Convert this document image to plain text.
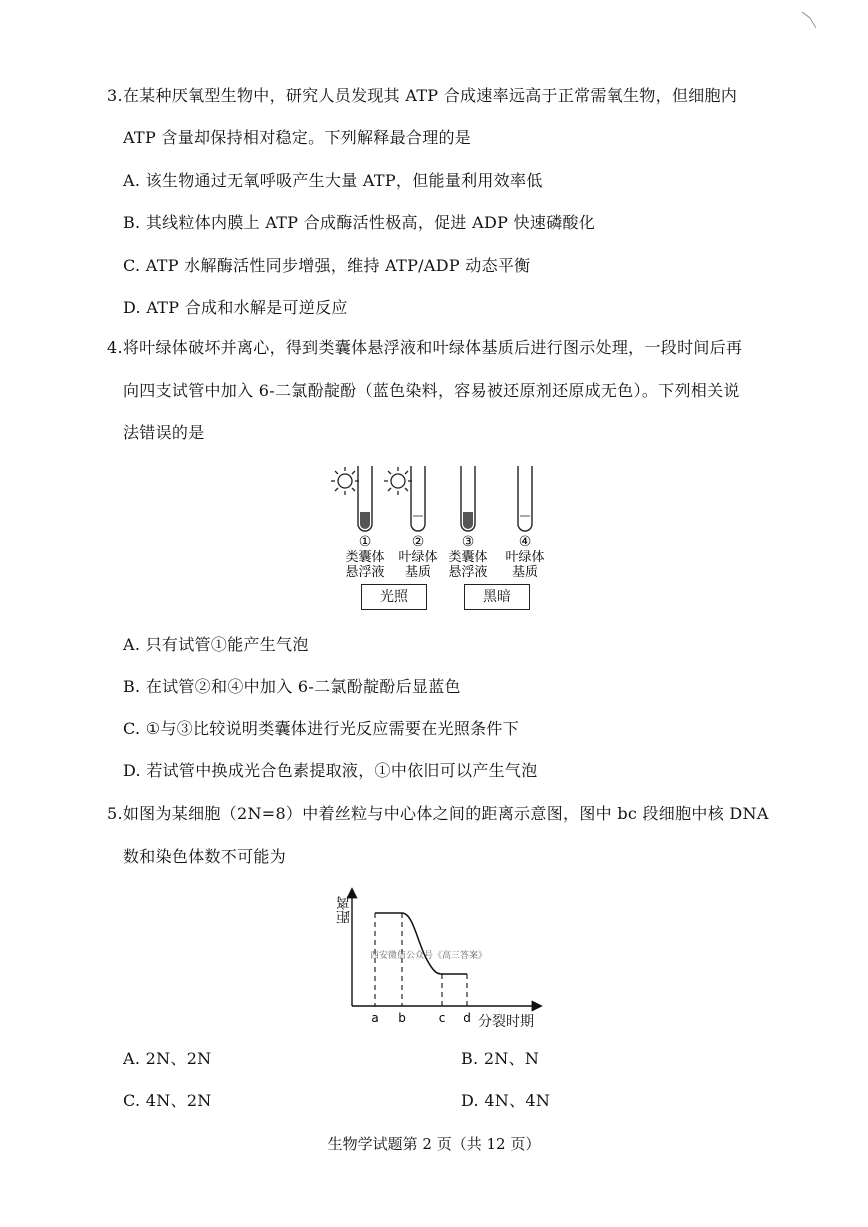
3.在某种厌氧型生物中，研究人员发现其 ATP 合成速率远高于正常需氧生物，但细胞内
ATP 含量却保持相对稳定。下列解释最合理的是
A. 该生物通过无氧呼吸产生大量 ATP，但能量利用效率低
B. 其线粒体内膜上 ATP 合成酶活性极高，促进 ADP 快速磷酸化
C. ATP 水解酶活性同步增强，维持 ATP/ADP 动态平衡
D. ATP 合成和水解是可逆反应
4.将叶绿体破坏并离心，得到类囊体悬浮液和叶绿体基质后进行图示处理，一段时间后再
向四支试管中加入 6-二氯酚靛酚（蓝色染料，容易被还原剂还原成无色）。下列相关说
法错误的是
①
类囊体
悬浮液
②
叶绿体
基质
③
类囊体
悬浮液
④
叶绿体
基质
光照	黑暗
A. 只有试管①能产生气泡
B. 在试管②和④中加入 6-二氯酚靛酚后显蓝色
C. ①与③比较说明类囊体进行光反应需要在光照条件下
D. 若试管中换成光合色素提取液，①中依旧可以产生气泡
5.如图为某细胞（2N=8）中着丝粒与中心体之间的距离示意图，图中 bc 段细胞中核 DNA
数和染色体数不可能为
a b	c d
西安微信公众号《高三答案》
距离
分裂时期
A. 2N、2N	B. 2N、N
C. 4N、2N	D. 4N、4N
生物学试题第 2 页（共 12 页）
